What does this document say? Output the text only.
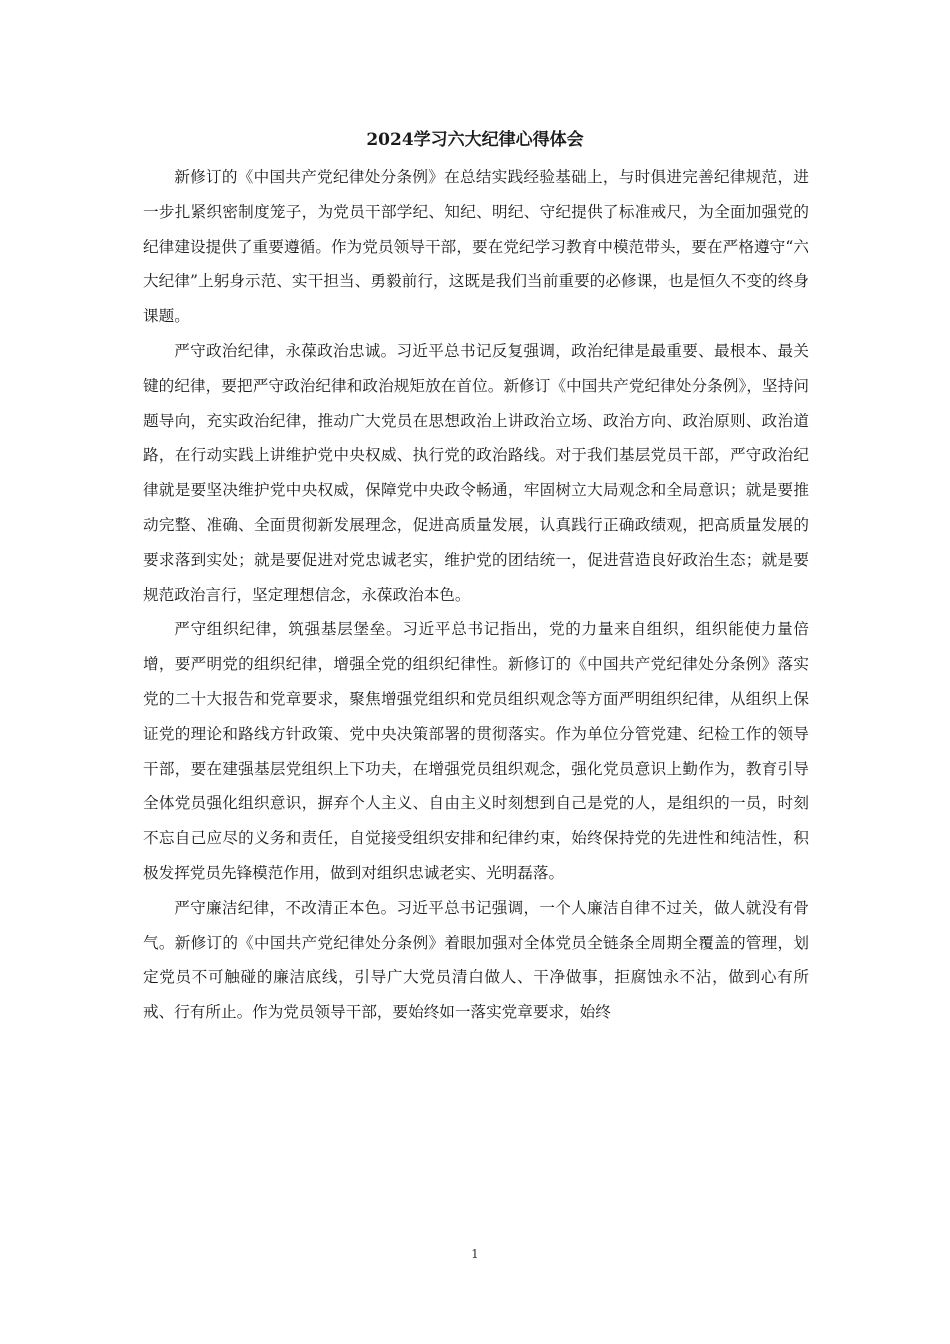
2024学习六大纪律心得体会

新修订的《中国共产党纪律处分条例》在总结实践经验基础上，与时俱进完善纪律规范，进一步扎紧织密制度笼子，为党员干部学纪、知纪、明纪、守纪提供了标准戒尺，为全面加强党的纪律建设提供了重要遵循。作为党员领导干部，要在党纪学习教育中模范带头，要在严格遵守“六大纪律”上躬身示范、实干担当、勇毅前行，这既是我们当前重要的必修课，也是恒久不变的终身课题。

严守政治纪律，永葆政治忠诚。习近平总书记反复强调，政治纪律是最重要、最根本、最关键的纪律，要把严守政治纪律和政治规矩放在首位。新修订《中国共产党纪律处分条例》，坚持问题导向，充实政治纪律，推动广大党员在思想政治上讲政治立场、政治方向、政治原则、政治道路，在行动实践上讲维护党中央权威、执行党的政治路线。对于我们基层党员干部，严守政治纪律就是要坚决维护党中央权威，保障党中央政令畅通，牢固树立大局观念和全局意识；就是要推动完整、准确、全面贯彻新发展理念，促进高质量发展，认真践行正确政绩观，把高质量发展的要求落到实处；就是要促进对党忠诚老实，维护党的团结统一，促进营造良好政治生态；就是要规范政治言行，坚定理想信念，永葆政治本色。

严守组织纪律，筑强基层堡垒。习近平总书记指出，党的力量来自组织，组织能使力量倍增，要严明党的组织纪律，增强全党的组织纪律性。新修订的《中国共产党纪律处分条例》落实党的二十大报告和党章要求，聚焦增强党组织和党员组织观念等方面严明组织纪律，从组织上保证党的理论和路线方针政策、党中央决策部署的贯彻落实。作为单位分管党建、纪检工作的领导干部，要在建强基层党组织上下功夫，在增强党员组织观念，强化党员意识上勤作为，教育引导全体党员强化组织意识，摒弃个人主义、自由主义时刻想到自己是党的人，是组织的一员，时刻不忘自己应尽的义务和责任，自觉接受组织安排和纪律约束，始终保持党的先进性和纯洁性，积极发挥党员先锋模范作用，做到对组织忠诚老实、光明磊落。

严守廉洁纪律，不改清正本色。习近平总书记强调，一个人廉洁自律不过关，做人就没有骨气。新修订的《中国共产党纪律处分条例》着眼加强对全体党员全链条全周期全覆盖的管理，划定党员不可触碰的廉洁底线，引导广大党员清白做人、干净做事，拒腐蚀永不沾，做到心有所戒、行有所止。作为党员领导干部，要始终如一落实党章要求，始终

1
